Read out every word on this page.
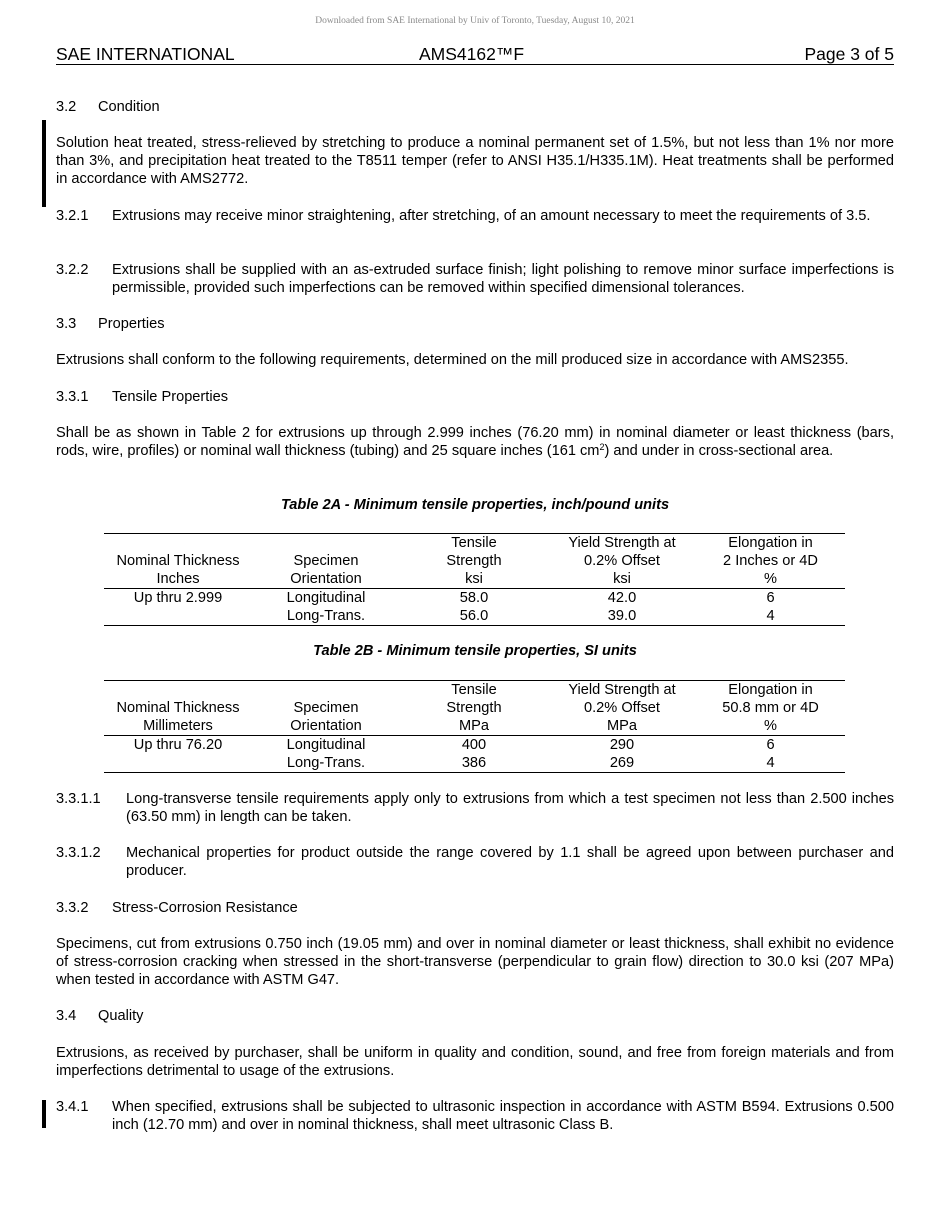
Downloaded from SAE International by Univ of Toronto, Tuesday, August 10, 2021
SAE INTERNATIONAL	AMS4162™F	Page 3 of 5
3.2 Condition
Solution heat treated, stress-relieved by stretching to produce a nominal permanent set of 1.5%, but not less than 1% nor more than 3%, and precipitation heat treated to the T8511 temper (refer to ANSI H35.1/H335.1M). Heat treatments shall be performed in accordance with AMS2772.
3.2.1 Extrusions may receive minor straightening, after stretching, of an amount necessary to meet the requirements of 3.5.
3.2.2 Extrusions shall be supplied with an as-extruded surface finish; light polishing to remove minor surface imperfections is permissible, provided such imperfections can be removed within specified dimensional tolerances.
3.3 Properties
Extrusions shall conform to the following requirements, determined on the mill produced size in accordance with AMS2355.
3.3.1 Tensile Properties
Shall be as shown in Table 2 for extrusions up through 2.999 inches (76.20 mm) in nominal diameter or least thickness (bars, rods, wire, profiles) or nominal wall thickness (tubing) and 25 square inches (161 $cm^2$) and under in cross-sectional area.
Table 2A - Minimum tensile properties, inch/pound units
		Tensile	Yield Strength at	Elongation in
Nominal Thickness	Specimen	Strength	0.2% Offset	2 Inches or 4D
Inches	Orientation	ksi	ksi	%
Up thru 2.999	Longitudinal	58.0	42.0	6
	Long-Trans.	56.0	39.0	4
Table 2B - Minimum tensile properties, SI units
		Tensile	Yield Strength at	Elongation in
Nominal Thickness	Specimen	Strength	0.2% Offset	50.8 mm or 4D
Millimeters	Orientation	MPa	MPa	%
Up thru 76.20	Longitudinal	400	290	6
	Long-Trans.	386	269	4
3.3.1.1 Long-transverse tensile requirements apply only to extrusions from which a test specimen not less than 2.500 inches (63.50 mm) in length can be taken.
3.3.1.2 Mechanical properties for product outside the range covered by 1.1 shall be agreed upon between purchaser and producer.
3.3.2 Stress-Corrosion Resistance
Specimens, cut from extrusions 0.750 inch (19.05 mm) and over in nominal diameter or least thickness, shall exhibit no evidence of stress-corrosion cracking when stressed in the short-transverse (perpendicular to grain flow) direction to 30.0 ksi (207 MPa) when tested in accordance with ASTM G47.
3.4 Quality
Extrusions, as received by purchaser, shall be uniform in quality and condition, sound, and free from foreign materials and from imperfections detrimental to usage of the extrusions.
3.4.1 When specified, extrusions shall be subjected to ultrasonic inspection in accordance with ASTM B594. Extrusions 0.500 inch (12.70 mm) and over in nominal thickness, shall meet ultrasonic Class B.
